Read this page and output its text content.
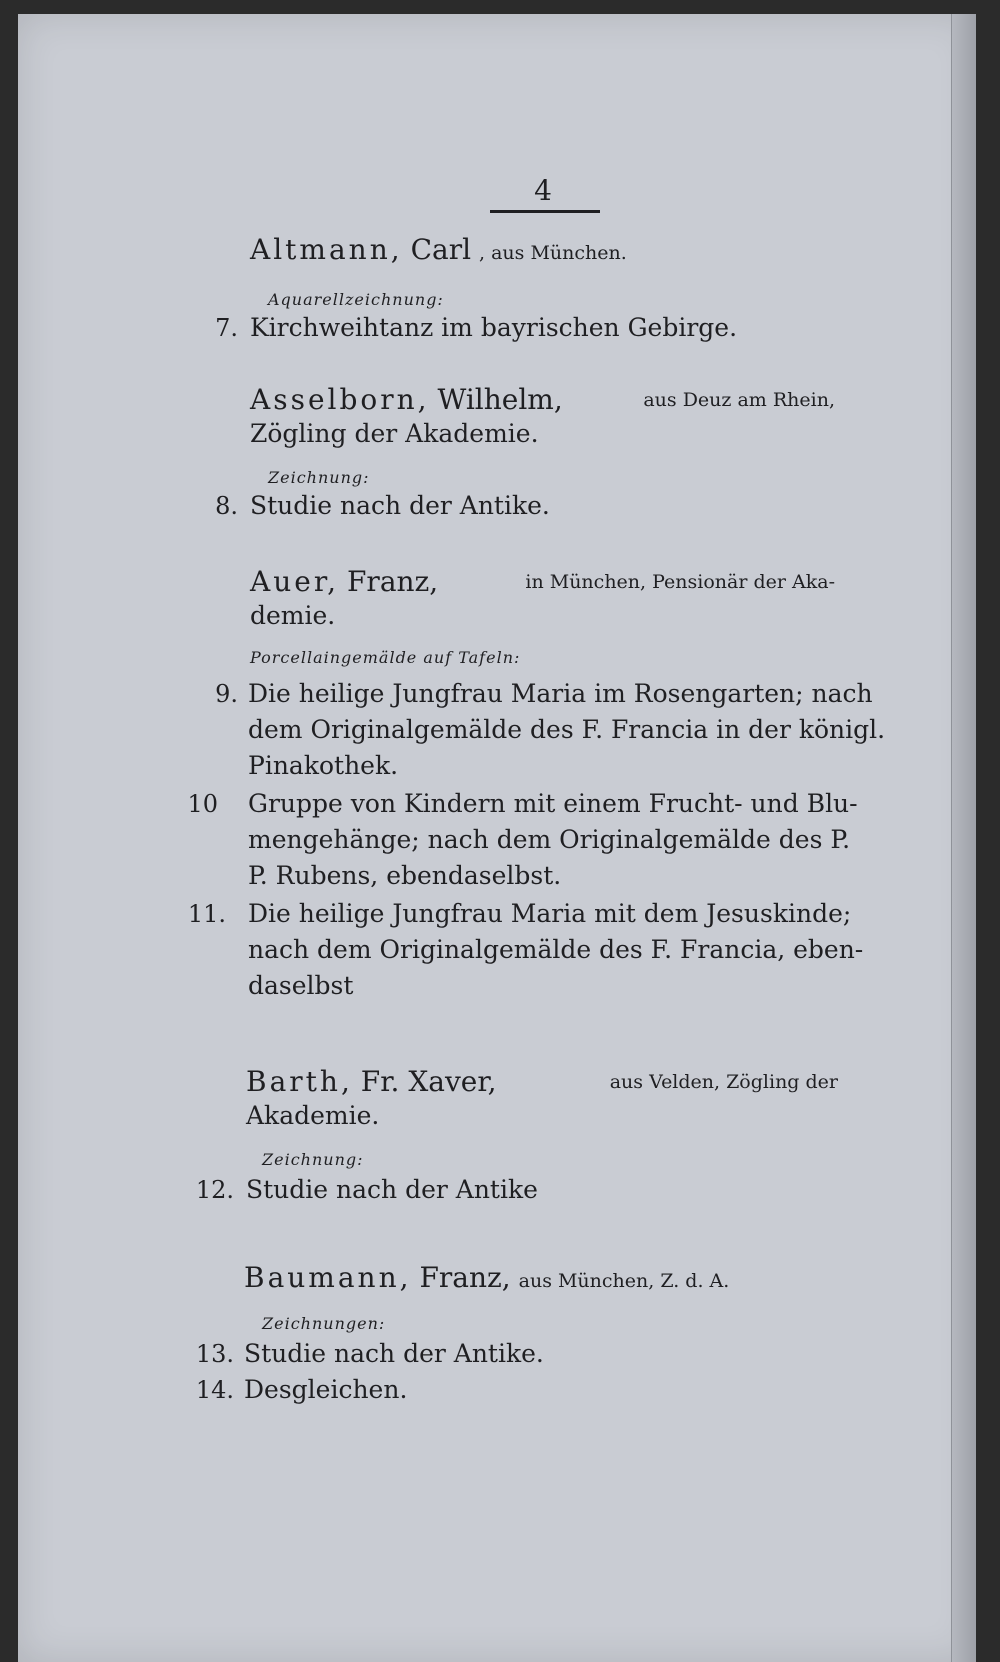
4
Altmann, Carl , aus München.
Aquarellzeichnung:
7. Kirchweihtanz im bayrischen Gebirge.
Asselborn, Wilhelm,	aus Deuz am Rhein,
Zögling der Akademie.
Zeichnung:
8. Studie nach der Antike.
Auer, Franz,	in München, Pensionär der Aka-
demie.
Porcellaingemälde auf Tafeln:
9. Die heilige Jungfrau Maria im Rosengarten; nach
dem Originalgemälde des F. Francia in der königl.
Pinakothek.
10 Gruppe von Kindern mit einem Frucht- und Blu-
mengehänge; nach dem Originalgemälde des P.
P. Rubens, ebendaselbst.
11. Die heilige Jungfrau Maria mit dem Jesuskinde;
nach dem Originalgemälde des F. Francia, eben-
daselbst
Barth, Fr. Xaver,	aus Velden, Zögling der
Akademie.
Zeichnung:
12. Studie nach der Antike
Baumann, Franz, aus München, Z. d. A.
Zeichnungen:
13. Studie nach der Antike.
14. Desgleichen.
